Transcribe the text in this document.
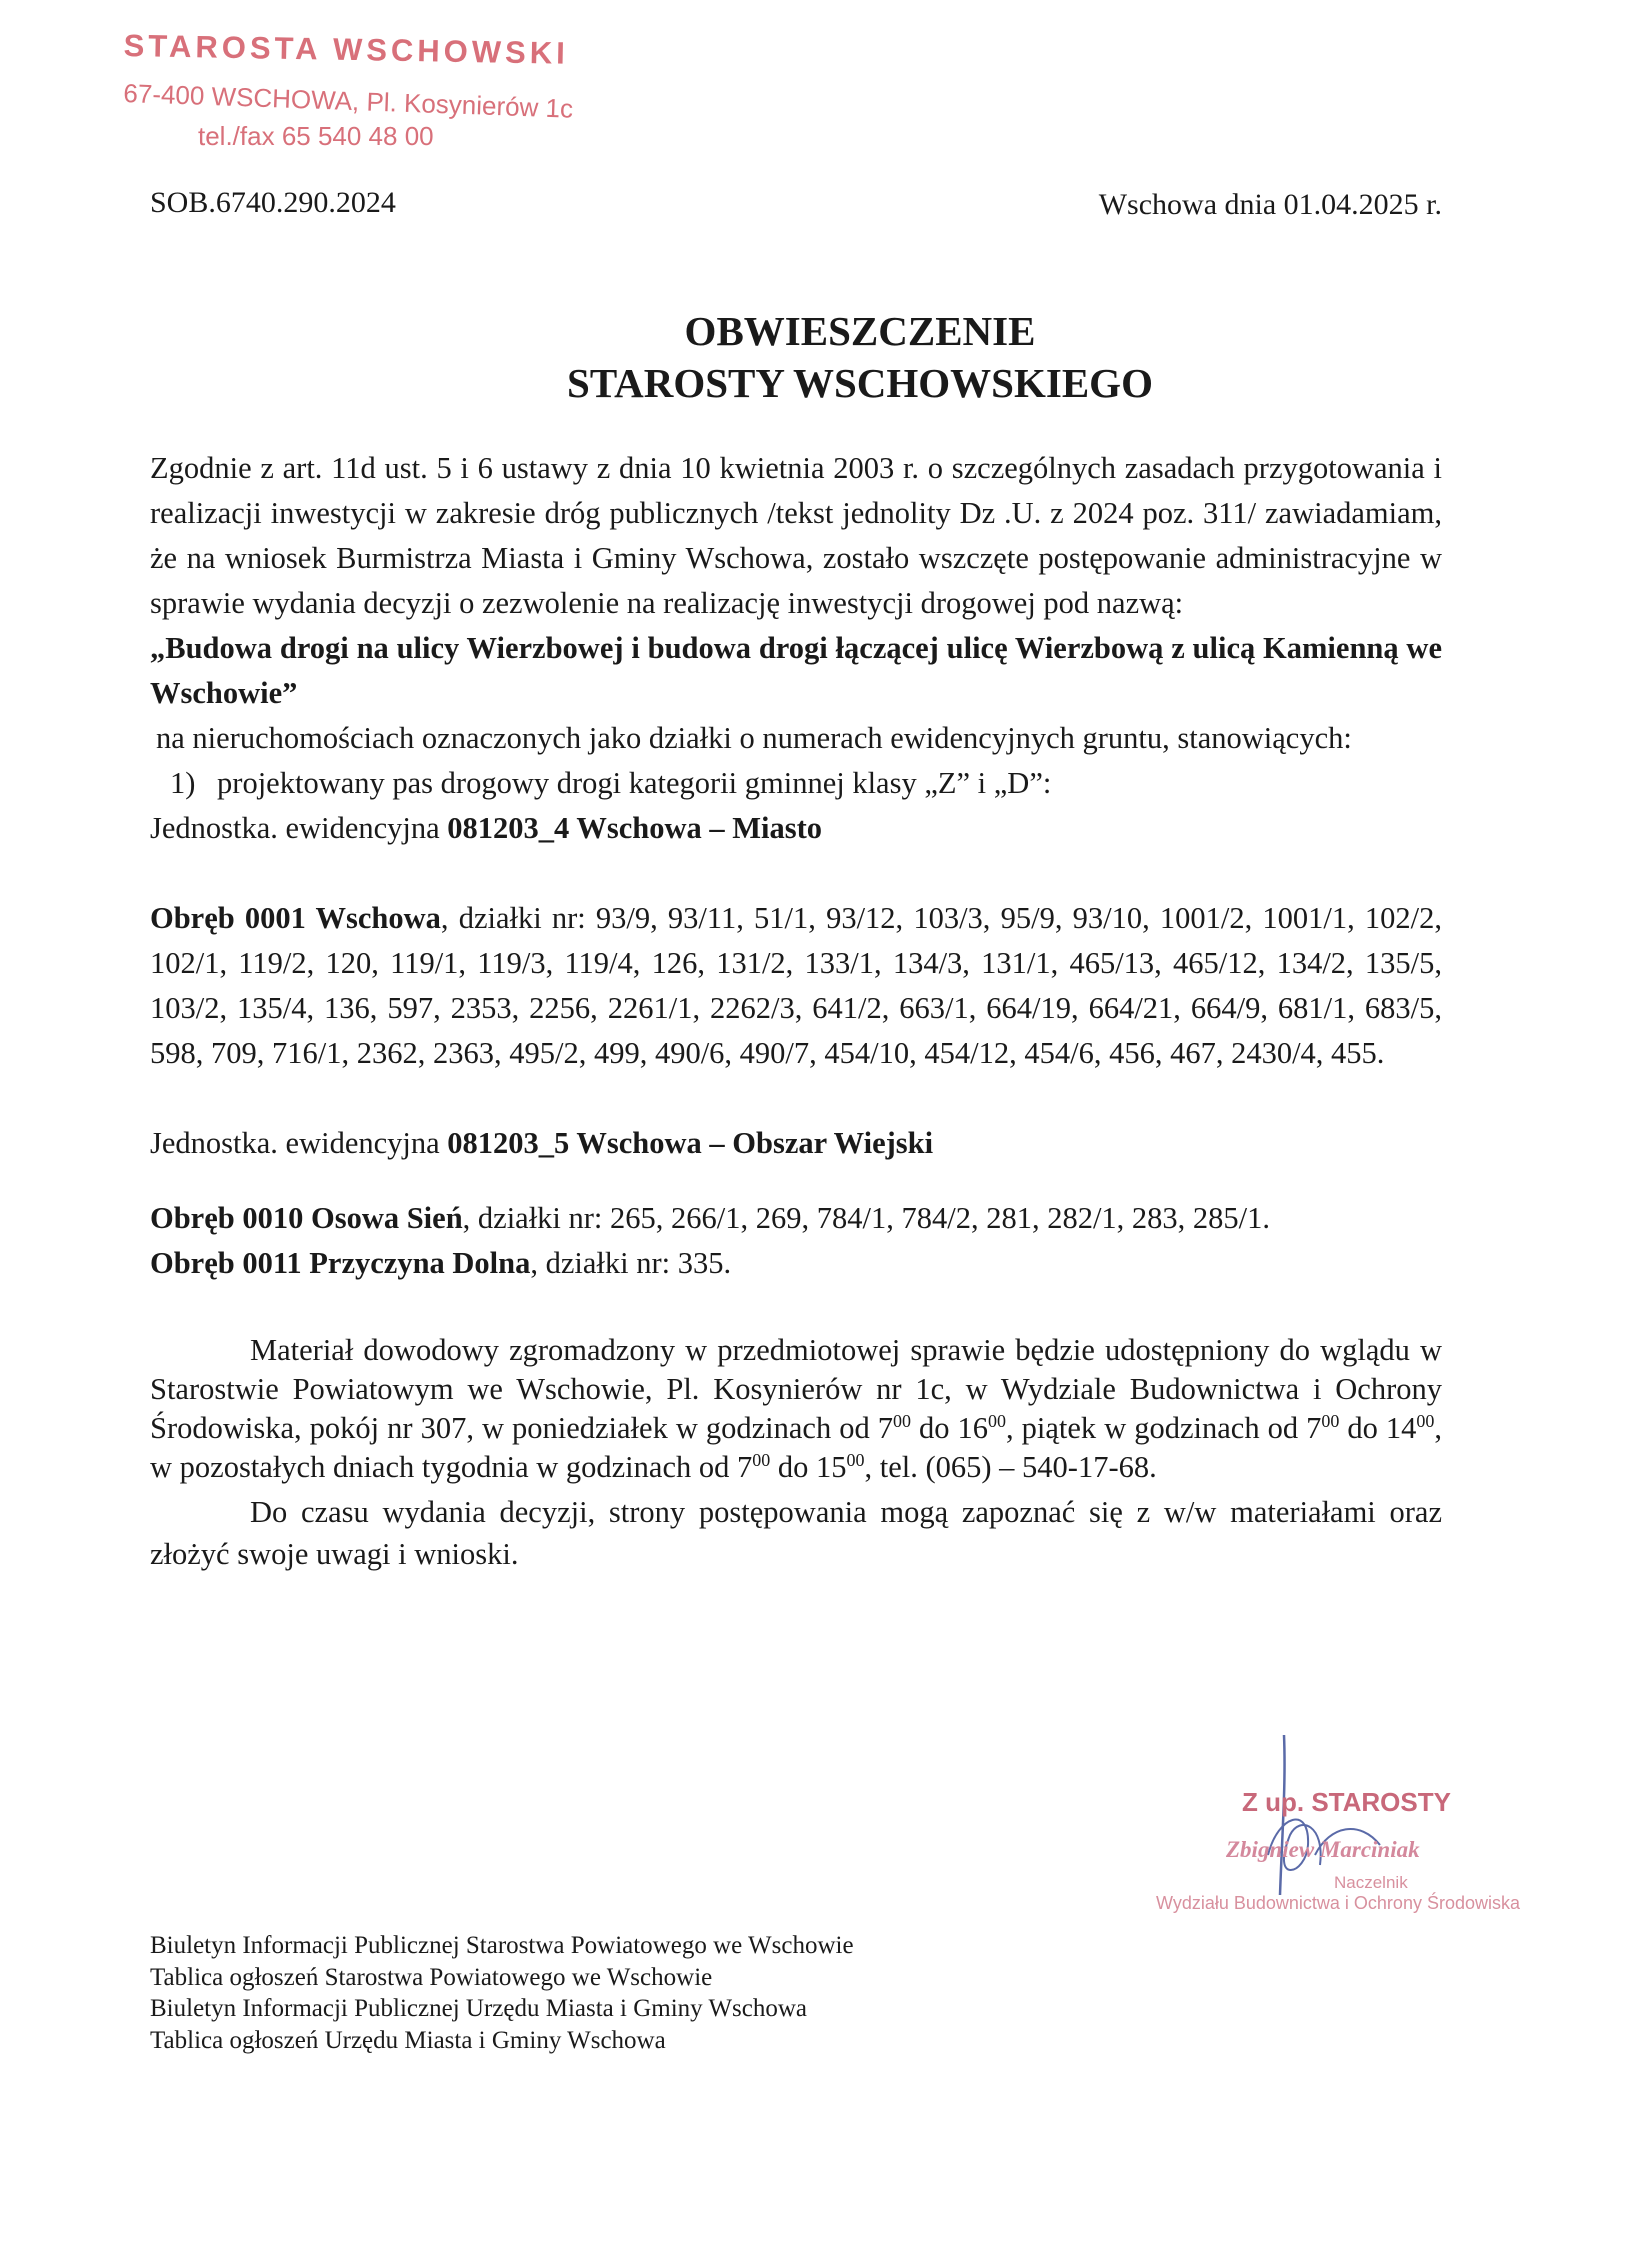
STAROSTA WSCHOWSKI
67-400 WSCHOWA, Pl. Kosynierów 1c
tel./fax 65 540 48 00
SOB.6740.290.2024	Wschowa dnia 01.04.2025 r.
OBWIESZCZENIE
STAROSTY WSCHOWSKIEGO

Zgodnie z art. 11d ust. 5 i 6 ustawy z dnia 10 kwietnia 2003 r. o szczególnych zasadach przygotowania i realizacji inwestycji w zakresie dróg publicznych /tekst jednolity Dz .U. z 2024 poz. 311/ zawiadamiam, że na wniosek Burmistrza Miasta i Gminy Wschowa, zostało wszczęte postępowanie administracyjne w sprawie wydania decyzji o zezwolenie na realizację inwestycji drogowej pod nazwą:

„Budowa drogi na ulicy Wierzbowej i budowa drogi łączącej ulicę Wierzbową z ulicą Kamienną we Wschowie”

na nieruchomościach oznaczonych jako działki o numerach ewidencyjnych gruntu, stanowiących:

1) projektowany pas drogowy drogi kategorii gminnej klasy „Z” i „D”:

Jednostka. ewidencyjna 081203_4 Wschowa – Miasto

Obręb 0001 Wschowa, działki nr: 93/9, 93/11, 51/1, 93/12, 103/3, 95/9, 93/10, 1001/2, 1001/1, 102/2, 102/1, 119/2, 120, 119/1, 119/3, 119/4, 126, 131/2, 133/1, 134/3, 131/1, 465/13, 465/12, 134/2, 135/5, 103/2, 135/4, 136, 597, 2353, 2256, 2261/1, 2262/3, 641/2, 663/1, 664/19, 664/21, 664/9, 681/1, 683/5, 598, 709, 716/1, 2362, 2363, 495/2, 499, 490/6, 490/7, 454/10, 454/12, 454/6, 456, 467, 2430/4, 455.

Jednostka. ewidencyjna 081203_5 Wschowa – Obszar Wiejski

Obręb 0010 Osowa Sień, działki nr: 265, 266/1, 269, 784/1, 784/2, 281, 282/1, 283, 285/1.

Obręb 0011 Przyczyna Dolna, działki nr: 335.

Materiał dowodowy zgromadzony w przedmiotowej sprawie będzie udostępniony do wglądu w Starostwie Powiatowym we Wschowie, Pl. Kosynierów nr 1c, w Wydziale Budownictwa i Ochrony Środowiska, pokój nr 307, w poniedziałek w godzinach od $7^{00}$ do $16^{00}$, piątek w godzinach od $7^{00}$ do $14^{00}$, w pozostałych dniach tygodnia w godzinach od $7^{00}$ do $15^{00}$, tel. (065) – 540-17-68.

Do czasu wydania decyzji, strony postępowania mogą zapoznać się z w/w materiałami oraz złożyć swoje uwagi i wnioski.

Z up. STAROSTY
Zbigniew Marciniak
Naczelnik
Wydziału Budownictwa i Ochrony Środowiska
Biuletyn Informacji Publicznej Starostwa Powiatowego we Wschowie
Tablica ogłoszeń Starostwa Powiatowego we Wschowie
Biuletyn Informacji Publicznej Urzędu Miasta i Gminy Wschowa
Tablica ogłoszeń Urzędu Miasta i Gminy Wschowa
